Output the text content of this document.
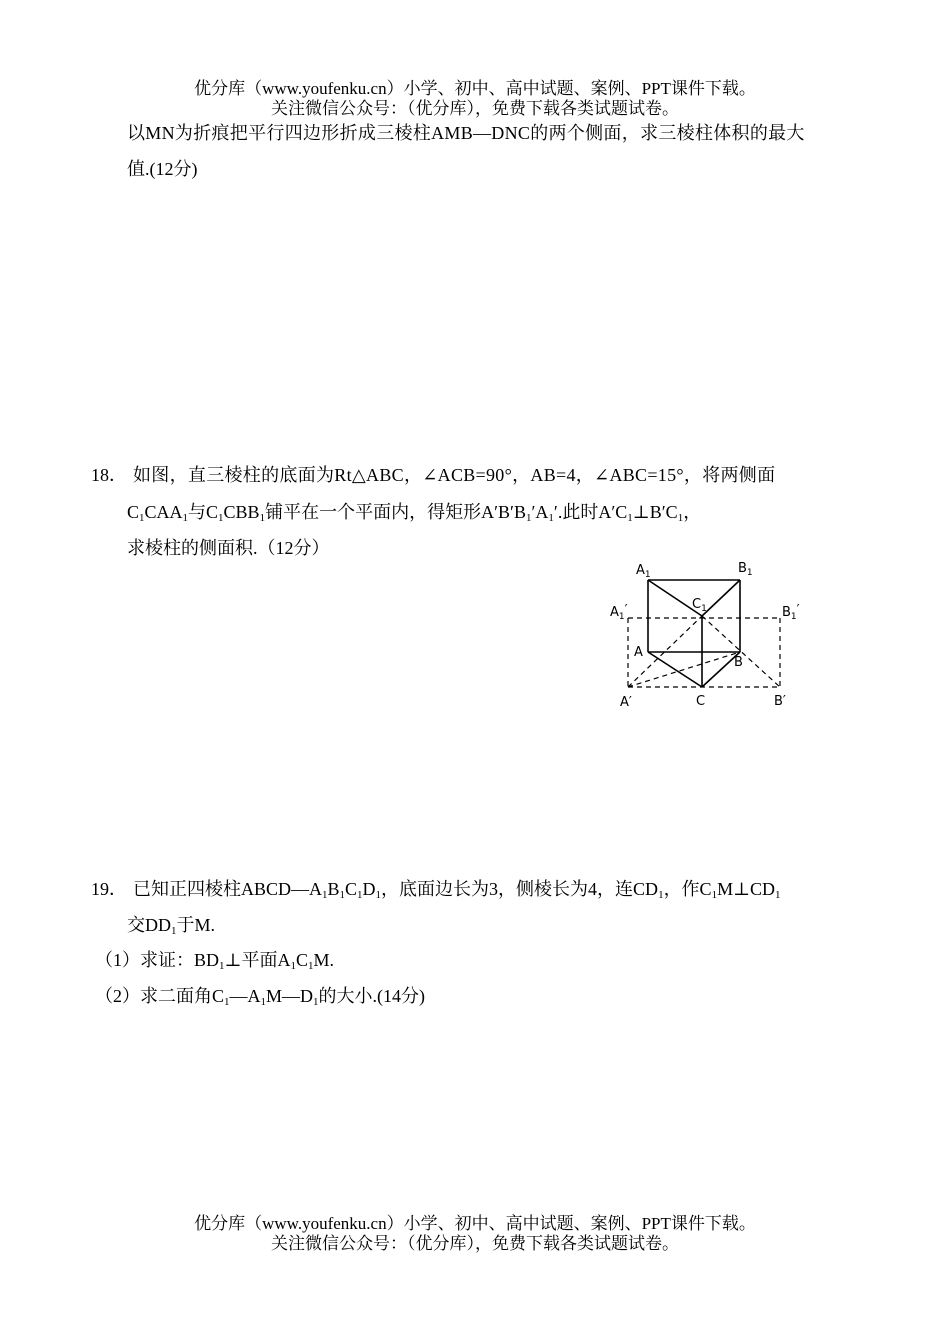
优分库（www.youfenku.cn）小学、初中、高中试题、案例、PPT课件下载。
关注微信公众号：（优分库），免费下载各类试题试卷。
以MN为折痕把平行四边形折成三棱柱AMB—DNC的两个侧面，求三棱柱体积的最大
值.(12分)
18． 如图，直三棱柱的底面为Rt△ABC，∠ACB=90°，AB=4，∠ABC=15°，将两侧面
$C_1CAA_1$与$C_1CBB_1$铺平在一个平面内，得矩形$A'B'B_1'A_1'$.此时$A'C_1\perp B'C_1$，
求棱柱的侧面积.（12分）
$A_1$	$B_1$
$C_1$
$A_1'$	$B_1'$
A
B
A′	C	B′
19． 已知正四棱柱$ABCD—A_1B_1C_1D_1$，底面边长为3，侧棱长为4，连$CD_1$，作$C_1M\perp CD_1$
交$DD_1$于M.
（1）求证：$BD_1\perp$平面$A_1C_1M$.
（2）求二面角$C_1—A_1M—D_1$的大小.(14分)
优分库（www.youfenku.cn）小学、初中、高中试题、案例、PPT课件下载。
关注微信公众号：（优分库），免费下载各类试题试卷。
